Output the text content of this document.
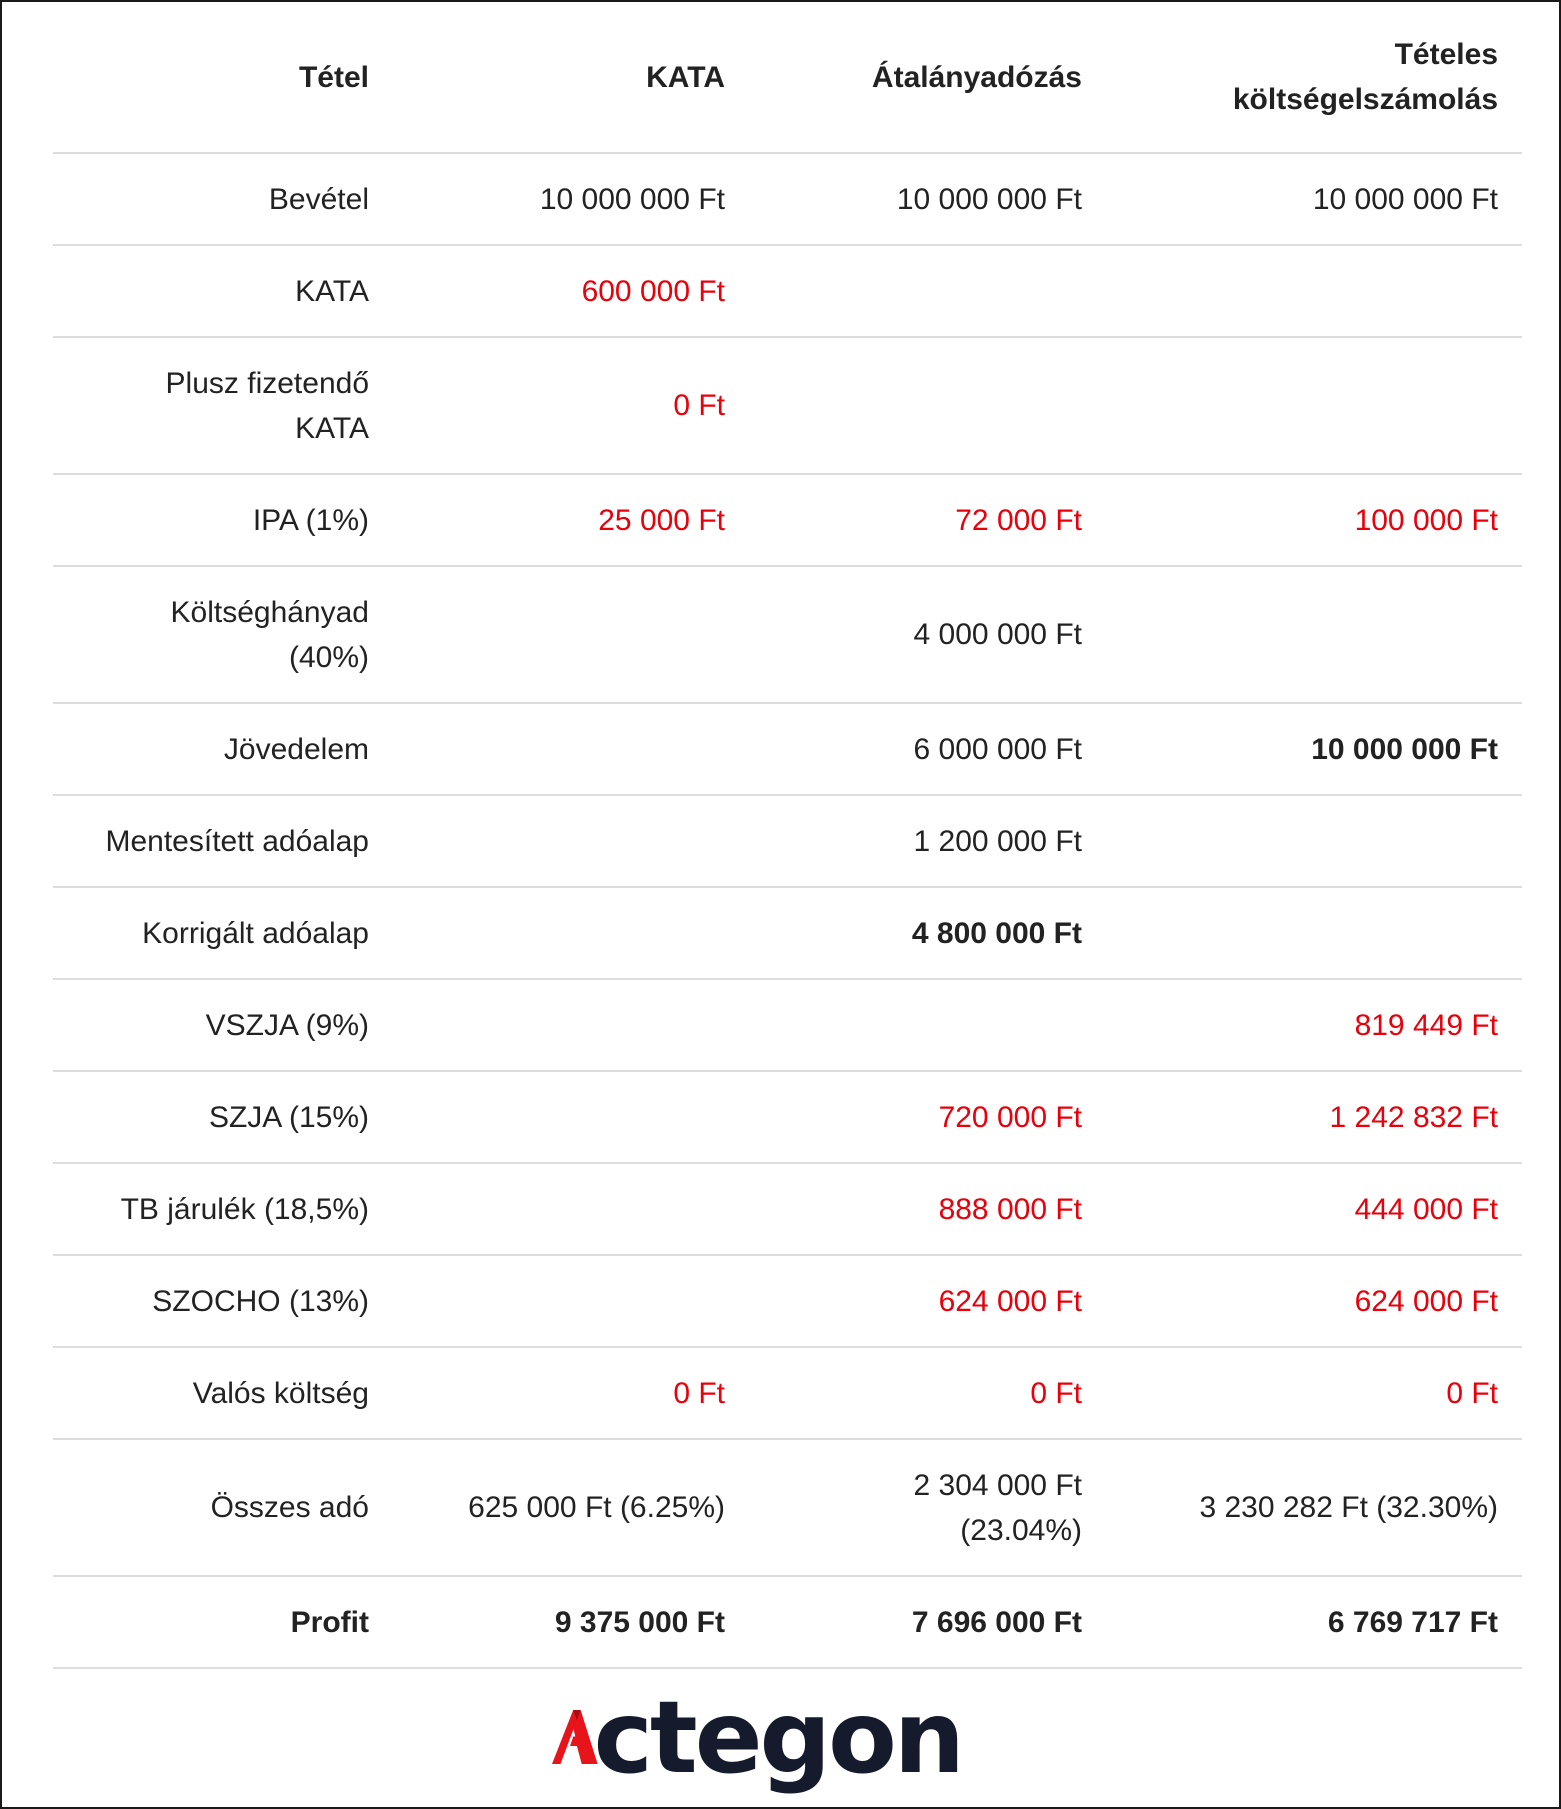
Tétel	KATA	Átalányadózás	Tételes költségelszámolás
Bevétel	10 000 000 Ft	10 000 000 Ft	10 000 000 Ft
KATA	600 000 Ft		
Plusz fizetendő KATA	0 Ft		
IPA (1%)	25 000 Ft	72 000 Ft	100 000 Ft
Költséghányad (40%)		4 000 000 Ft	
Jövedelem		6 000 000 Ft	10 000 000 Ft
Mentesített adóalap		1 200 000 Ft	
Korrigált adóalap		4 800 000 Ft	
VSZJA (9%)			819 449 Ft
SZJA (15%)		720 000 Ft	1 242 832 Ft
TB járulék (18,5%)		888 000 Ft	444 000 Ft
SZOCHO (13%)		624 000 Ft	624 000 Ft
Valós költség	0 Ft	0 Ft	0 Ft
Összes adó	625 000 Ft (6.25%)	2 304 000 Ft (23.04%)	3 230 282 Ft (32.30%)
Profit	9 375 000 Ft	7 696 000 Ft	6 769 717 Ft
ctegon
